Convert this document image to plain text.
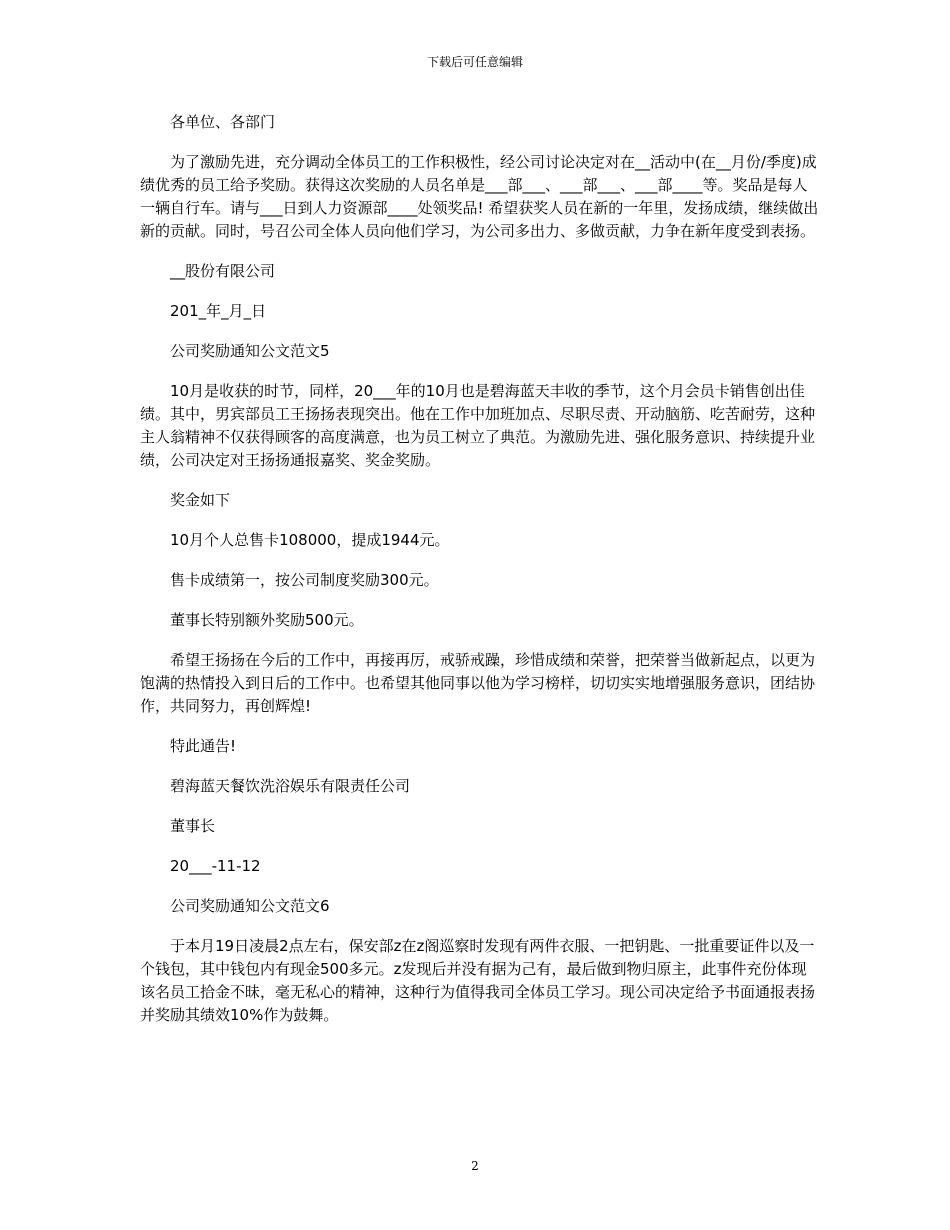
下载后可任意编辑

各单位、各部门

为了激励先进，充分调动全体员工的工作积极性，经公司讨论决定对在__活动中(在__月份/季度)成绩优秀的员工给予奖励。获得这次奖励的人员名单是___部___、___部___、___部____等。奖品是每人一辆自行车。请与___日到人力资源部____处领奖品! 希望获奖人员在新的一年里，发扬成绩，继续做出新的贡献。同时，号召公司全体人员向他们学习，为公司多出力、多做贡献，力争在新年度受到表扬。

__股份有限公司

201_年_月_日

公司奖励通知公文范文5

10月是收获的时节，同样，20___年的10月也是碧海蓝天丰收的季节，这个月会员卡销售创出佳绩。其中，男宾部员工王扬扬表现突出。他在工作中加班加点、尽职尽责、开动脑筋、吃苦耐劳，这种主人翁精神不仅获得顾客的高度满意，也为员工树立了典范。为激励先进、强化服务意识、持续提升业绩，公司决定对王扬扬通报嘉奖、奖金奖励。

奖金如下

10月个人总售卡108000，提成1944元。

售卡成绩第一，按公司制度奖励300元。

董事长特别额外奖励500元。

希望王扬扬在今后的工作中，再接再厉，戒骄戒躁，珍惜成绩和荣誉，把荣誉当做新起点，以更为饱满的热情投入到日后的工作中。也希望其他同事以他为学习榜样，切切实实地增强服务意识，团结协作，共同努力，再创辉煌!

特此通告!

碧海蓝天餐饮洗浴娱乐有限责任公司

董事长

20___-11-12

公司奖励通知公文范文6

于本月19日凌晨2点左右，保安部z在z阁巡察时发现有两件衣服、一把钥匙、一批重要证件以及一个钱包，其中钱包内有现金500多元。z发现后并没有据为己有，最后做到物归原主，此事件充份体现该名员工拾金不昧，毫无私心的精神，这种行为值得我司全体员工学习。现公司决定给予书面通报表扬并奖励其绩效10%作为鼓舞。

2
